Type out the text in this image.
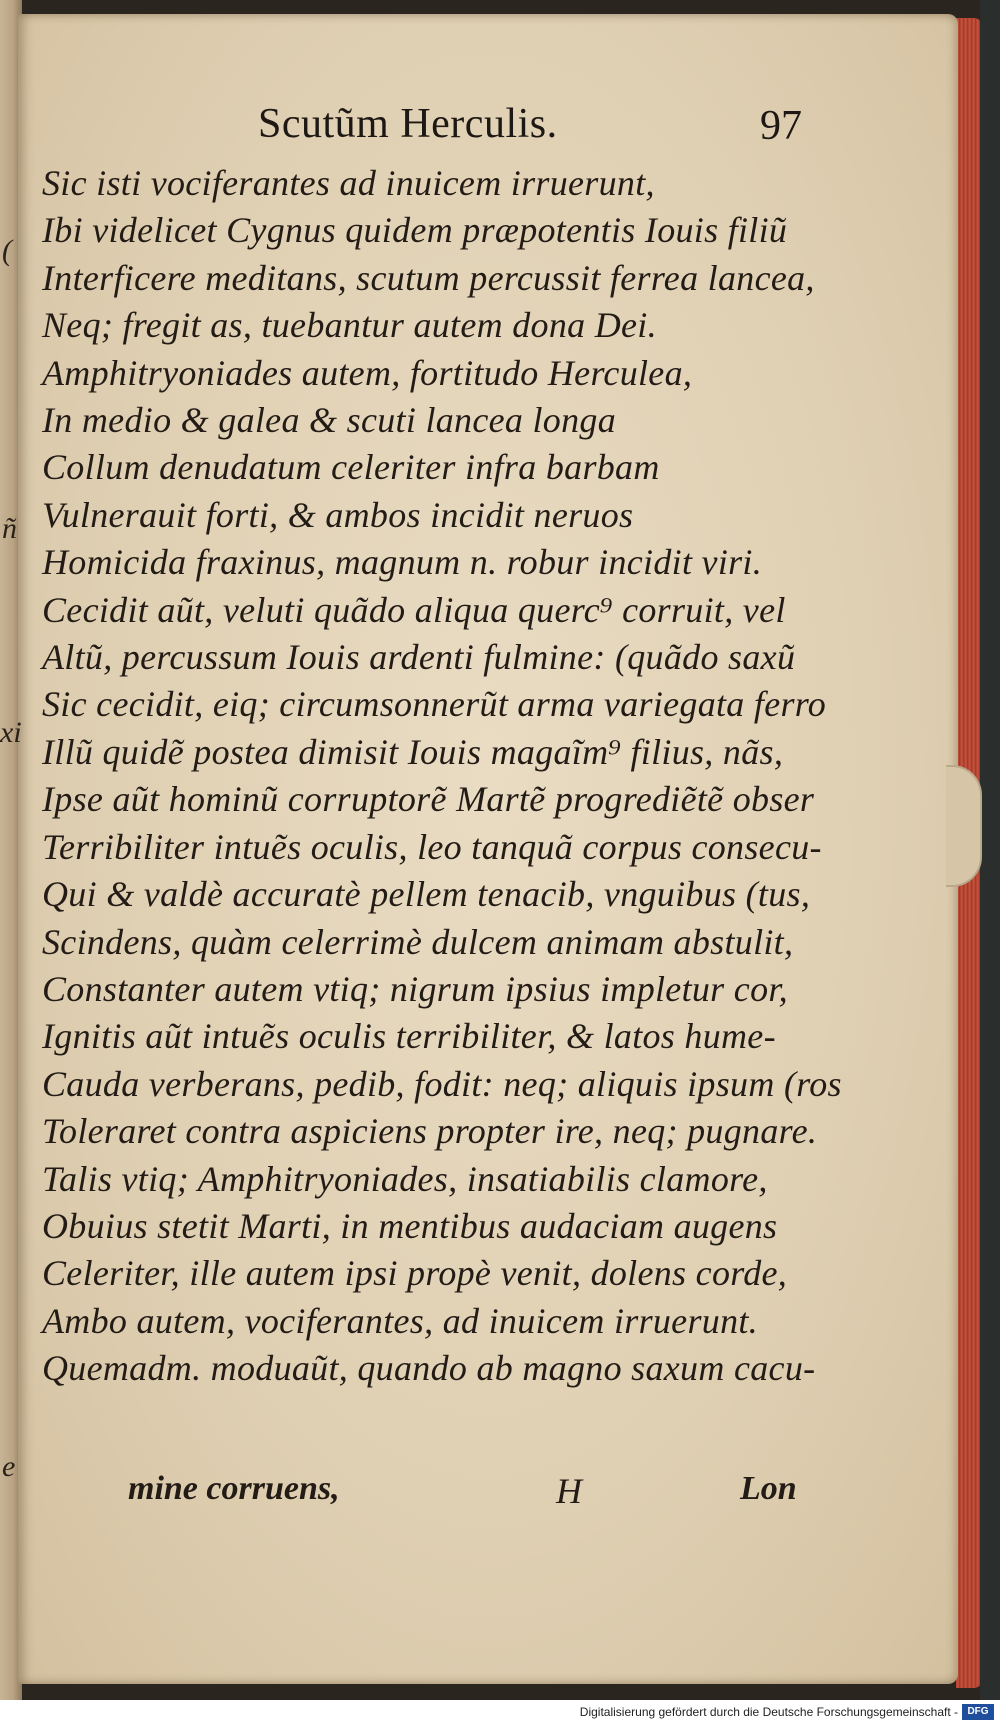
Scutũm Herculis.	97
Sic isti vociferantes ad inuicem irruerunt,
Ibi videlicet Cygnus quidem præpotentis Iouis filiũ
Interficere meditans, scutum percussit ferrea lancea,
Neq; fregit as, tuebantur autem dona Dei.
Amphitryoniades autem, fortitudo Herculea,
In medio & galea & scuti lancea longa
Collum denudatum celeriter infra barbam
Vulnerauit forti, & ambos incidit neruos
Homicida fraxinus, magnum n. robur incidit viri.
Cecidit aũt, veluti quãdo aliqua querc⁹ corruit, vel
Altũ, percussum Iouis ardenti fulmine: (quãdo saxũ
Sic cecidit, eiq; circumsonnerũt arma variegata ferro
Illũ quidẽ postea dimisit Iouis magaĩm⁹ filius, nãs,
Ipse aũt hominũ corruptorẽ Martẽ progrediẽtẽ obser
Terribiliter intuẽs oculis, leo tanquã corpus consecu-
Qui & valdè accuratè pellem tenacib, vnguibus (tus,
Scindens, quàm celerrimè dulcem animam abstulit,
Constanter autem vtiq; nigrum ipsius impletur cor,
Ignitis aũt intuẽs oculis terribiliter, & latos hume-
Cauda verberans, pedib, fodit: neq; aliquis ipsum (ros
Toleraret contra aspiciens propter ire, neq; pugnare.
Talis vtiq; Amphitryoniades, insatiabilis clamore,
Obuius stetit Marti, in mentibus audaciam augens
Celeriter, ille autem ipsi propè venit, dolens corde,
Ambo autem, vociferantes, ad inuicem irruerunt.
Quemadm. moduaũt, quando ab magno saxum cacu-
mine corruens,	H	Lon
(
ñ
xi
e
Digitalisierung gefördert durch die Deutsche Forschungsgemeinschaft - DFG
